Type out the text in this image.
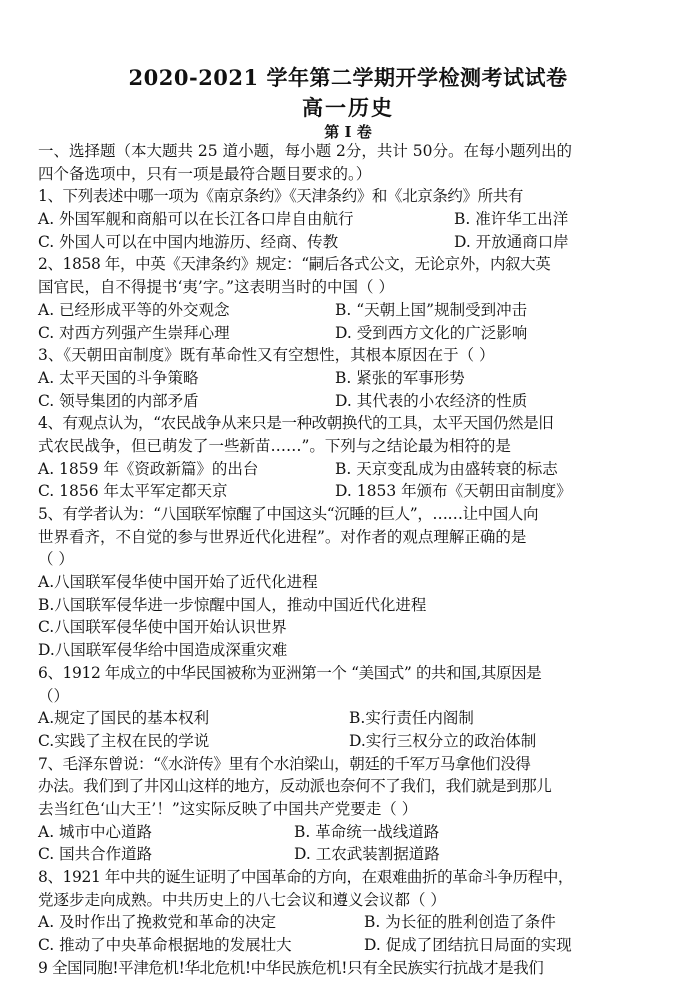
2020-2021 学年第二学期开学检测考试试卷
高一历史
第 I 卷
一、选择题（本大题共 25 道小题，每小题 2分，共计 50分。在每小题列出的
四个备选项中，只有一项是最符合题目要求的。）
1、下列表述中哪一项为《南京条约》《天津条约》和《北京条约》所共有
A. 外国军舰和商船可以在长江各口岸自由航行	B. 准许华工出洋
C. 外国人可以在中国内地游历、经商、传教	D. 开放通商口岸
2、1858 年，中英《天津条约》规定：“嗣后各式公文，无论京外，内叙大英
国官民，自不得提书‘夷’字。”这表明当时的中国（ ）
A. 已经形成平等的外交观念	B. “天朝上国”规制受到冲击
C. 对西方列强产生崇拜心理	D. 受到西方文化的广泛影响
3、《天朝田亩制度》既有革命性又有空想性，其根本原因在于（ ）
A. 太平天国的斗争策略	B. 紧张的军事形势
C. 领导集团的内部矛盾	D. 其代表的小农经济的性质
4、有观点认为，“农民战争从来只是一种改朝换代的工具，太平天国仍然是旧
式农民战争，但已萌发了一些新苗……”。下列与之结论最为相符的是
A. 1859 年《资政新篇》的出台	B. 天京变乱成为由盛转衰的标志
C. 1856 年太平军定都天京	D. 1853 年颁布《天朝田亩制度》
5、有学者认为：“八国联军惊醒了中国这头“沉睡的巨人”，……让中国人向
世界看齐，不自觉的参与世界近代化进程”。对作者的观点理解正确的是
（ ）
A.八国联军侵华使中国开始了近代化进程
B.八国联军侵华进一步惊醒中国人，推动中国近代化进程
C.八国联军侵华使中国开始认识世界
D.八国联军侵华给中国造成深重灾难
6、1912 年成立的中华民国被称为亚洲第一个 “美国式” 的共和国,其原因是
（）
A.规定了国民的基本权利	B.实行责任内阁制
C.实践了主权在民的学说	D.实行三权分立的政治体制
7、毛泽东曾说：“《水浒传》里有个水泊梁山，朝廷的千军万马拿他们没得
办法。我们到了井冈山这样的地方，反动派也奈何不了我们，我们就是到那儿
去当红色‘山大王’！”这实际反映了中国共产党要走（ ）
A. 城市中心道路	B. 革命统一战线道路
C. 国共合作道路	D. 工农武装割据道路
8、1921 年中共的诞生证明了中国革命的方向，在艰难曲折的革命斗争历程中，
党逐步走向成熟。中共历史上的八七会议和遵义会议都（ ）
A. 及时作出了挽救党和革命的决定	B. 为长征的胜利创造了条件
C. 推动了中央革命根据地的发展壮大	D. 促成了团结抗日局面的实现
9 全国同胞!平津危机!华北危机!中华民族危机!只有全民族实行抗战才是我们
